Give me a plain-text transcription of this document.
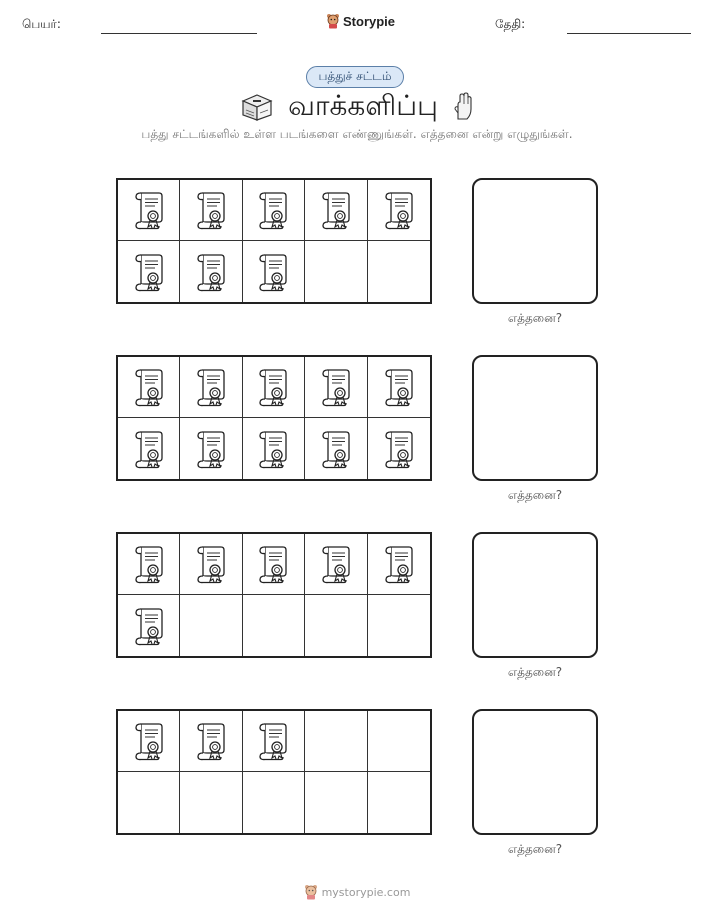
பெயர்:	Storypie	தேதி:
பத்துச் சட்டம்
வாக்களிப்பு
பத்து சட்டங்களில் உள்ள படங்களை எண்ணுங்கள். எத்தனை என்று எழுதுங்கள்.
எத்தனை?
எத்தனை?
எத்தனை?
எத்தனை?
mystorypie.com
